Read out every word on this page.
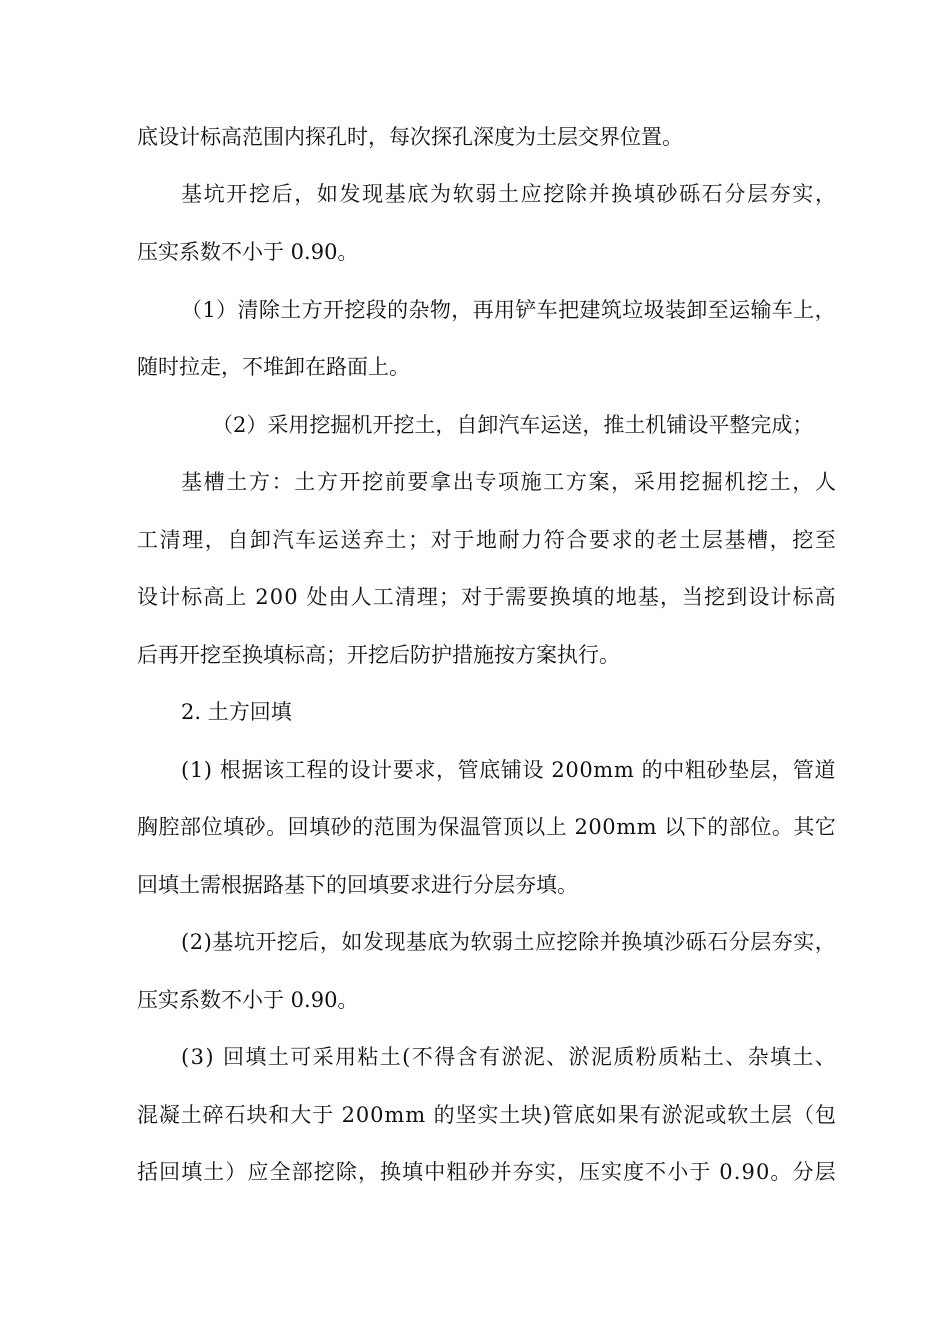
底设计标高范围内探孔时，每次探孔深度为土层交界位置。
基 坑 开 挖 后 ， 如 发 现 基 底 为 软 弱 土 应 挖 除 并 换 填 砂 砾 石 分 层 夯 实 ，
压实系数不小于 0.90。
（ 1 ） 清 除 土 方 开 挖 段 的 杂 物 ， 再 用 铲 车 把 建 筑 垃 圾 装 卸 至 运 输 车 上 ，
随时拉走，不堆卸在路面上。
（2）采用挖掘机开挖土，自卸汽车运送，推土机铺设平整完成；
基 槽 土 方 ： 土 方 开 挖 前 要 拿 出 专 项 施 工 方 案 ， 采 用 挖 掘 机 挖 土 ， 人
工 清 理 ， 自 卸 汽 车 运 送 弃 土 ； 对 于 地 耐 力 符 合 要 求 的 老 土 层 基 槽 ， 挖 至
设 计 标 高 上
2 0 0
处 由 人 工 清 理 ； 对 于 需 要 换 填 的 地 基 ， 当 挖 到 设 计 标 高
后再开挖至换填标高；开挖后防护措施按方案执行。
2. 土方回填
( 1 )
根 据 该 工 程 的 设 计 要 求 ， 管 底 铺 设
2 0 0 m m
的 中 粗 砂 垫 层 ， 管 道
胸 腔 部 位 填 砂 。 回 填 砂 的 范 围 为 保 温 管 顶 以 上
2 0 0 m m
以 下 的 部 位 。 其 它
回填土需根据路基下的回填要求进行分层夯填。
( 2 ) 基 坑 开 挖 后 ， 如 发 现 基 底 为 软 弱 土 应 挖 除 并 换 填 沙 砾 石 分 层 夯 实 ，
压实系数不小于 0.90。
( 3 )
回 填 土 可 采 用 粘 土 ( 不 得 含 有 淤 泥 、 淤 泥 质 粉 质 粘 土 、 杂 填 土 、
混 凝 土 碎 石 块 和 大 于
2 0 0 m m
的 坚 实 土 块 ) 管 底 如 果 有 淤 泥 或 软 土 层 （ 包
括 回 填 土 ） 应 全 部 挖 除 ， 换 填 中 粗 砂 并 夯 实 ， 压 实 度 不 小 于
0 . 9 0 。 分 层
